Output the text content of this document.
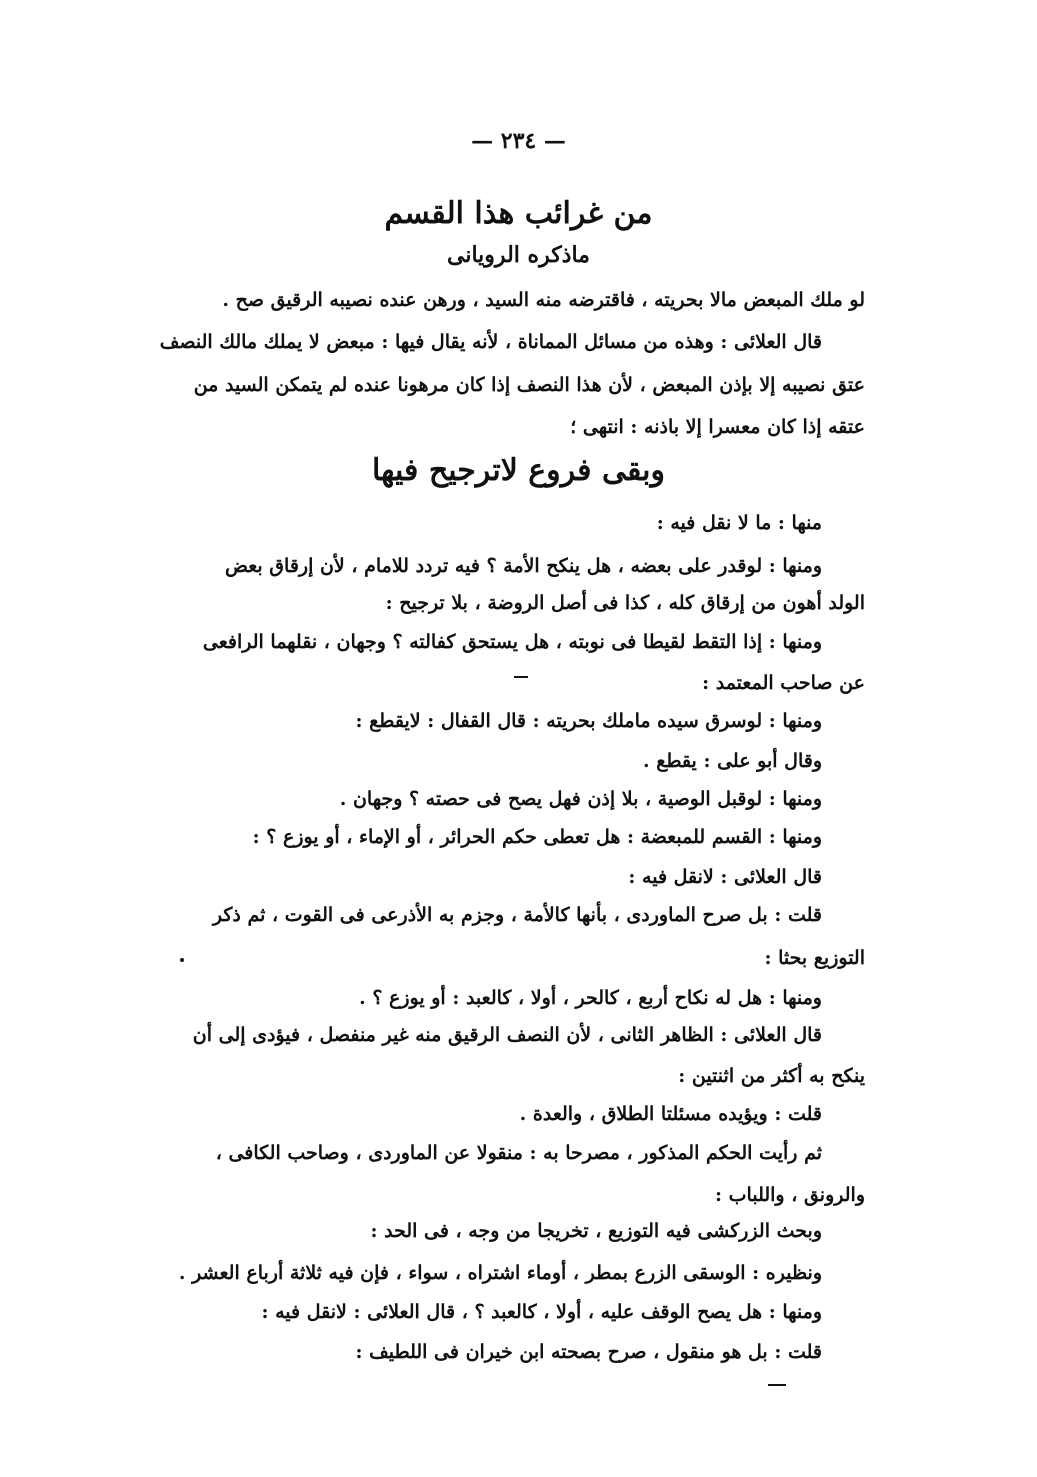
— ٢٣٤ —
من غرائب هذا القسم
ماذكره الرويانى
لو ملك المبعض مالا بحريته ، فاقترضه منه السيد ، ورهن عنده نصيبه الرقيق صح .
قال العلائى : وهذه من مسائل المماناة ، لأنه يقال فيها : مبعض لا يملك مالك النصف
عتق نصيبه إلا بإذن المبعض ، لأن هذا النصف إذا كان مرهونا عنده لم يتمكن السيد من
عتقه إذا كان معسرا إلا باذنه : انتهى ؛
وبقى فروع لاترجيح فيها
منها : ما لا نقل فيه :
ومنها : لوقدر على بعضه ، هل ينكح الأمة ؟ فيه تردد للامام ، لأن إرقاق بعض
الولد أهون من إرقاق كله ، كذا فى أصل الروضة ، بلا ترجيح :
ومنها : إذا التقط لقيطا فى نوبته ، هل يستحق كفالته ؟ وجهان ، نقلهما الرافعى
عن صاحب المعتمد :
ومنها : لوسرق سيده ماملك بحريته : قال القفال : لايقطع :
وقال أبو على : يقطع .
ومنها : لوقبل الوصية ، بلا إذن فهل يصح فى حصته ؟ وجهان .
ومنها : القسم للمبعضة : هل تعطى حكم الحرائر ، أو الإماء ، أو يوزع ؟ :
قال العلائى : لانقل فيه :
قلت : بل صرح الماوردى ، بأنها كالأمة ، وجزم به الأذرعى فى القوت ، ثم ذكر
التوزيع بحثا :
ومنها : هل له نكاح أربع ، كالحر ، أولا ، كالعبد : أو يوزع ؟ .
قال العلائى : الظاهر الثانى ، لأن النصف الرقيق منه غير منفصل ، فيؤدى إلى أن
ينكح به أكثر من اثنتين :
قلت : ويؤيده مسئلتا الطلاق ، والعدة .
ثم رأيت الحكم المذكور ، مصرحا به : منقولا عن الماوردى ، وصاحب الكافى ،
والرونق ، واللباب :
وبحث الزركشى فيه التوزيع ، تخريجا من وجه ، فى الحد :
ونظيره : الوسقى الزرع بمطر ، أوماء اشتراه ، سواء ، فإن فيه ثلاثة أرباع العشر .
ومنها : هل يصح الوقف عليه ، أولا ، كالعبد ؟ ، قال العلائى : لانقل فيه :
قلت : بل هو منقول ، صرح بصحته ابن خيران فى اللطيف :
